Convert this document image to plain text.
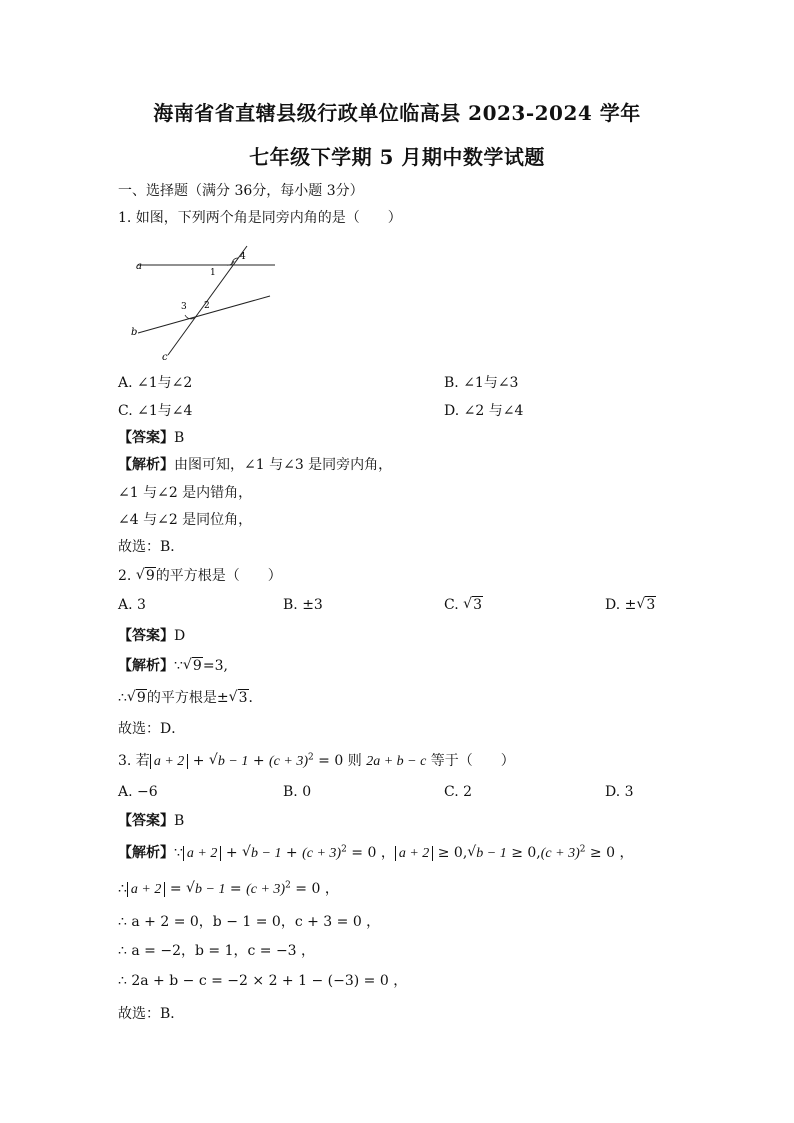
海南省省直辖县级行政单位临高县 2023-2024 学年
七年级下学期 5 月期中数学试题
一、选择题（满分 36分，每小题 3分）
1. 如图，下列两个角是同旁内角的是（　　）
a
b
c
1
4
3 2
A. ∠1与∠2	B. ∠1与∠3
C. ∠1与∠4	D. ∠2 与∠4
【答案】B
【解析】由图可知，∠1 与∠3 是同旁内角，
∠1 与∠2 是内错角，
∠4 与∠2 是同位角，
故选：B．
2. √ 9的平方根是（　　）
A. 3	B. ±3	C. √ 3	D. ± √ 3
【答案】D
【解析】∵ √ 9=3,
∴ √ 9的平方根是± √ 3．
故选：D．
3. 若 a + 2 + √ $b - 1 + (c + 3)^2 = 0$ 则 2a + b − c 等于（　　）
A. −6	B. 0	C. 2	D. 3
【答案】B
【解析】∵ a + 2 + √ $b - 1 + (c + 3)^2 = 0$ ， a + 2 ≥ 0, √ $b - 1 \ge 0,(c + 3)^2 \ge 0$ ，
∴ a + 2 = √ $b - 1 = (c + 3)^2 = 0$ ，
∴ a + 2 = 0，b − 1 = 0，c + 3 = 0 ，
∴ a = −2，b = 1，c = −3 ，
∴ 2a + b − c = −2 × 2 + 1 − (−3) = 0 ，
故选：B．
